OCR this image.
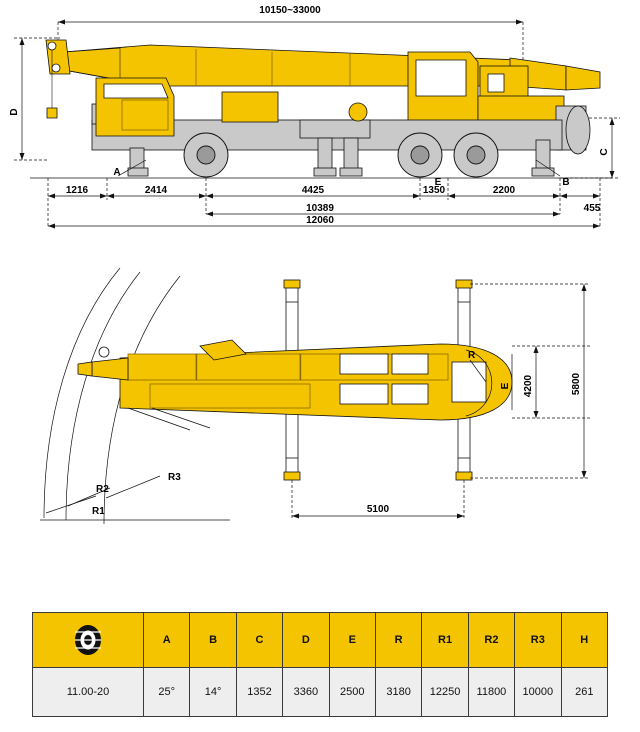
10150~33000
D
C
A
B
E
1216	2414	4425	1350	2200
455
10389
12060
R1
R2
R3
R
E 4200	5800
5100
	A	B	C	D	E	R	R1	R2	R3	H
11.00-20	25°	14°	1352	3360	2500	3180	12250	11800	10000	261
